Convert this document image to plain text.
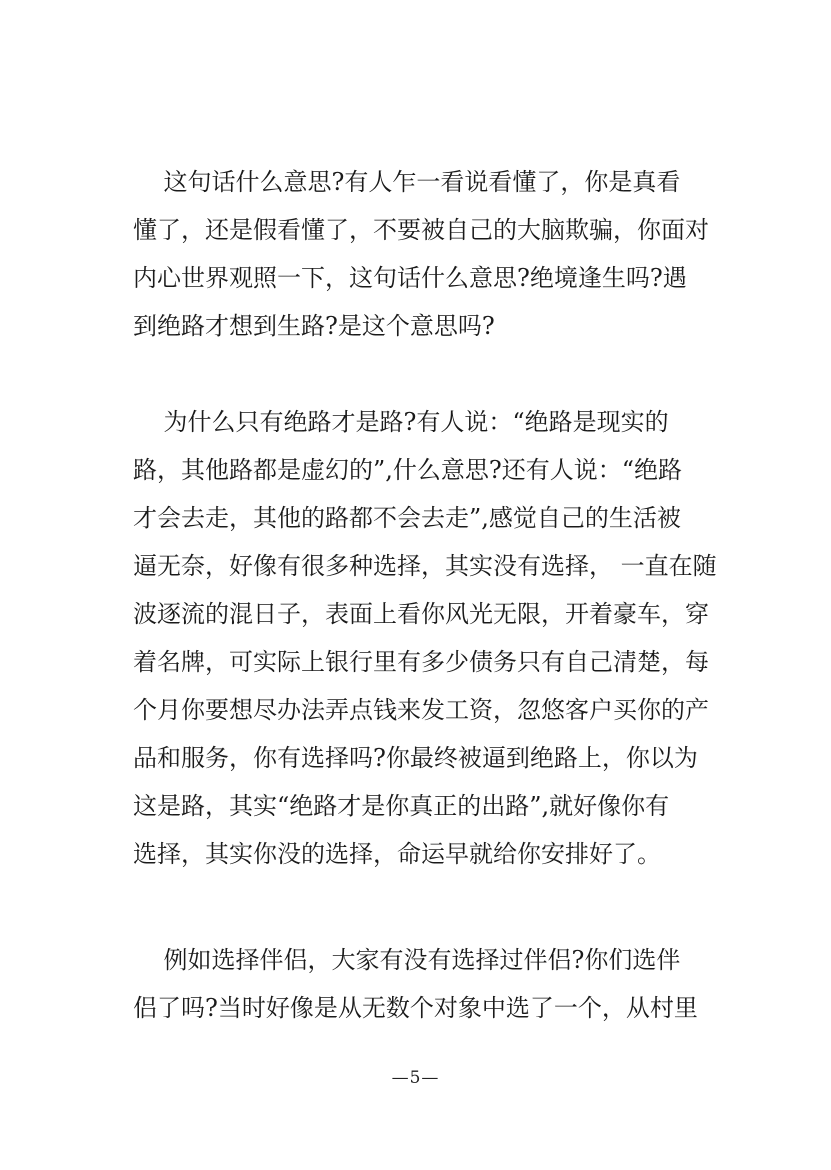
这句话什么意思?有人乍一看说看懂了，你是真看
懂了，还是假看懂了，不要被自己的大脑欺骗，你面对
内心世界观照一下，这句话什么意思?绝境逢生吗?遇
到绝路才想到生路?是这个意思吗?

为什么只有绝路才是路?有人说：“绝路是现实的
路，其他路都是虚幻的”,什么意思?还有人说：“绝路
才会去走，其他的路都不会去走”,感觉自己的生活被
逼无奈，好像有很多种选择，其实没有选择， 一直在随
波逐流的混日子，表面上看你风光无限，开着豪车，穿
着名牌，可实际上银行里有多少债务只有自己清楚，每
个月你要想尽办法弄点钱来发工资，忽悠客户买你的产
品和服务，你有选择吗?你最终被逼到绝路上，你以为
这是路，其实“绝路才是你真正的出路”,就好像你有
选择，其实你没的选择，命运早就给你安排好了。

例如选择伴侣，大家有没有选择过伴侣?你们选伴
侣了吗?当时好像是从无数个对象中选了一个，从村里

—5—
